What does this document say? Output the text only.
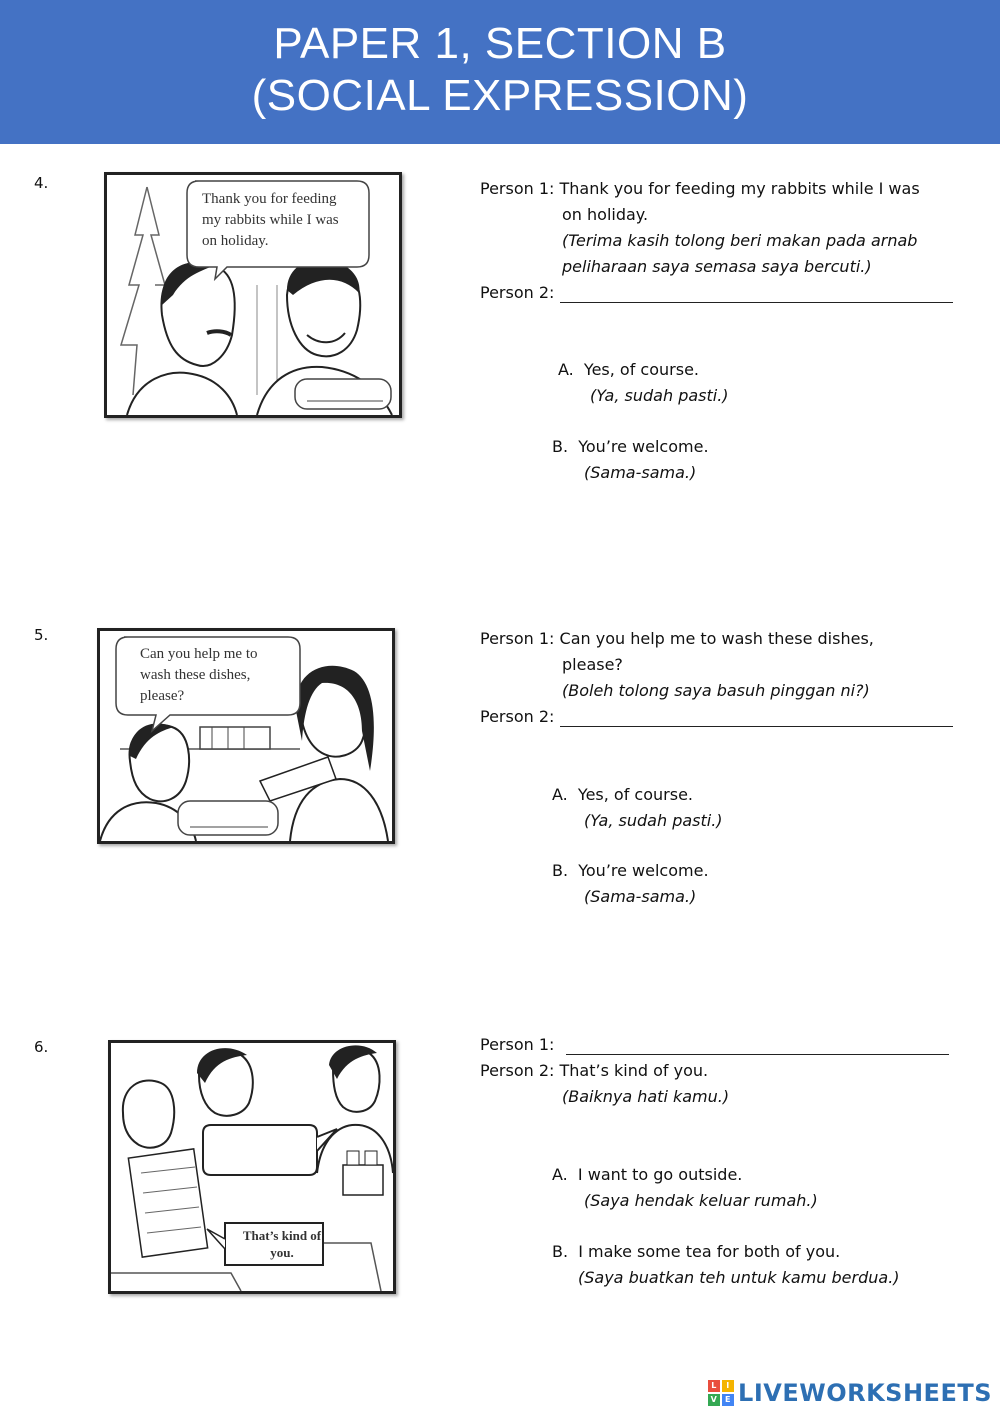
PAPER 1, SECTION B
(SOCIAL EXPRESSION)
4.
Thank you for feeding
my rabbits while I was
on holiday.
Person 1: Thank you for feeding my rabbits while I was
on holiday.
(Terima kasih tolong beri makan pada arnab
peliharaan saya semasa saya bercuti.)
Person 2:
A. Yes, of course.
(Ya, sudah pasti.)
B. You’re welcome.
(Sama-sama.)
5.
Can you help me to
wash these dishes,
please?
Person 1: Can you help me to wash these dishes,
please?
(Boleh tolong saya basuh pinggan ni?)
Person 2:
A. Yes, of course.
(Ya, sudah pasti.)
B. You’re welcome.
(Sama-sama.)
6.
That’s kind of
you.
Person 1:
Person 2: That’s kind of you.
(Baiknya hati kamu.)
A. I want to go outside.
(Saya hendak keluar rumah.)
B. I make some tea for both of you.
(Saya buatkan teh untuk kamu berdua.)
L	I
V E LIVEWORKSHEETS
